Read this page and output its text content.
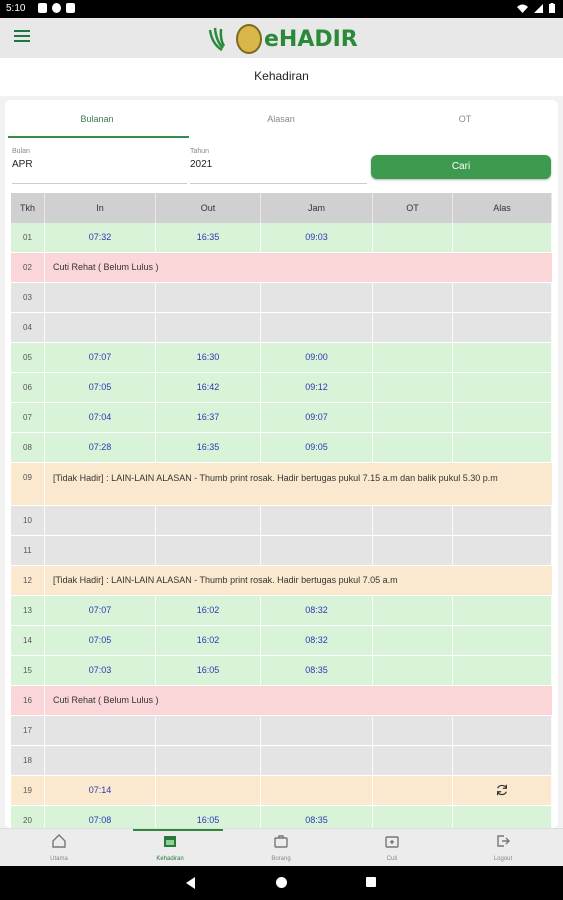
5:10
eHADIR
Kehadiran
Bulanan	Alasan	OT
Bulan
APR
Tahun
2021	Cari
Tkh	In	Out	Jam	OT	Alas
01	07:32	16:35	09:03
02	Cuti Rehat ( Belum Lulus )
03
04
05	07:07	16:30	09:00
06	07:05	16:42	09:12
07	07:04	16:37	09:07
08	07:28	16:35	09:05
09	[Tidak Hadir] : LAIN-LAIN ALASAN - Thumb print rosak. Hadir bertugas pukul 7.15 a.m dan balik pukul 5.30 p.m
10
11
12	[Tidak Hadir] : LAIN-LAIN ALASAN - Thumb print rosak. Hadir bertugas pukul 7.05 a.m
13	07:07	16:02	08:32
14	07:05	16:02	08:32
15	07:03	16:05	08:35
16	Cuti Rehat ( Belum Lulus )
17
18
19	07:14
20	07:08	16:05	08:35
Utama	Kehadiran	Borang	Cuti	Logout
